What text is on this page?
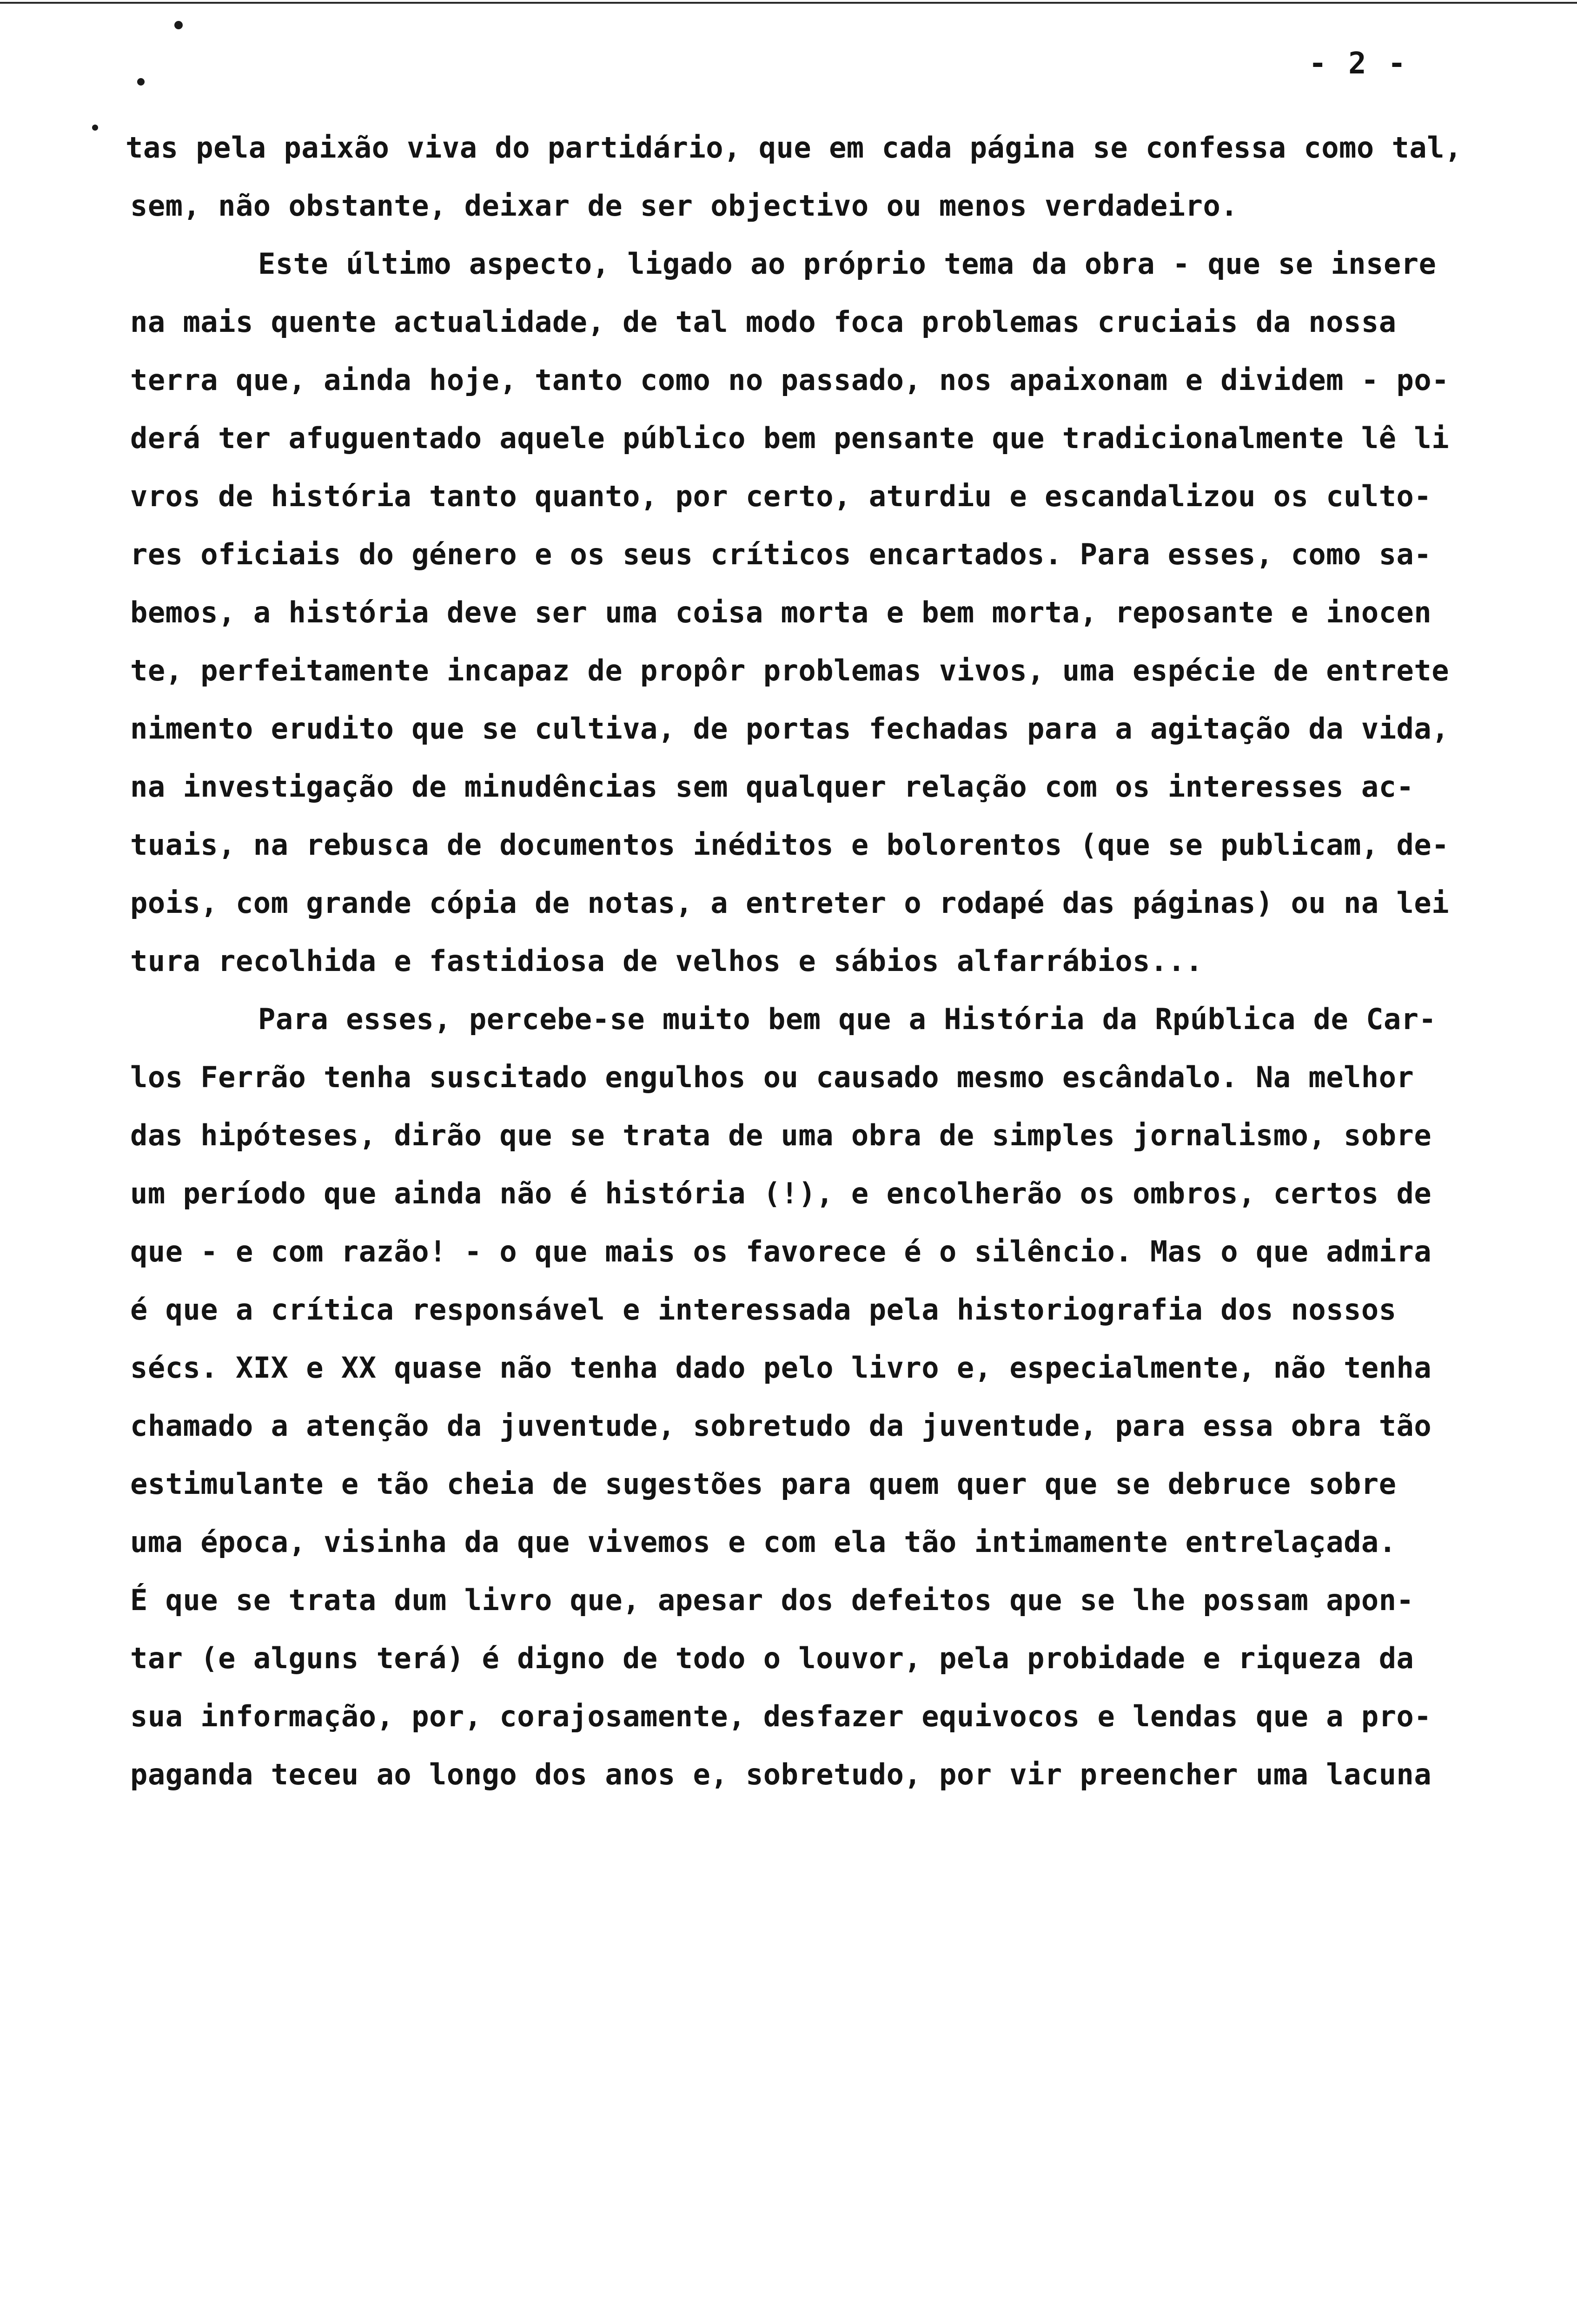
- 2 -
tas pela paixão viva do partidário, que em cada página se confessa como tal,
sem, não obstante, deixar de ser objectivo ou menos verdadeiro.
Este último aspecto, ligado ao próprio tema da obra - que se insere
na mais quente actualidade, de tal modo foca problemas cruciais da nossa
terra que, ainda hoje, tanto como no passado, nos apaixonam e dividem - po-
derá ter afuguentado aquele público bem pensante que tradicionalmente lê li
vros de história tanto quanto, por certo, aturdiu e escandalizou os culto-
res oficiais do género e os seus críticos encartados. Para esses, como sa-
bemos, a história deve ser uma coisa morta e bem morta, reposante e inocen
te, perfeitamente incapaz de propôr problemas vivos, uma espécie de entrete
nimento erudito que se cultiva, de portas fechadas para a agitação da vida,
na investigação de minudências sem qualquer relação com os interesses ac-
tuais, na rebusca de documentos inéditos e bolorentos (que se publicam, de-
pois, com grande cópia de notas, a entreter o rodapé das páginas) ou na lei
tura recolhida e fastidiosa de velhos e sábios alfarrábios...
Para esses, percebe-se muito bem que a História da Rpública de Car-
los Ferrão tenha suscitado engulhos ou causado mesmo escândalo. Na melhor
das hipóteses, dirão que se trata de uma obra de simples jornalismo, sobre
um período que ainda não é história (!), e encolherão os ombros, certos de
que - e com razão! - o que mais os favorece é o silêncio. Mas o que admira
é que a crítica responsável e interessada pela historiografia dos nossos
sécs. XIX e XX quase não tenha dado pelo livro e, especialmente, não tenha
chamado a atenção da juventude, sobretudo da juventude, para essa obra tão
estimulante e tão cheia de sugestões para quem quer que se debruce sobre
uma época, visinha da que vivemos e com ela tão intimamente entrelaçada.
É que se trata dum livro que, apesar dos defeitos que se lhe possam apon-
tar (e alguns terá) é digno de todo o louvor, pela probidade e riqueza da
sua informação, por, corajosamente, desfazer equivocos e lendas que a pro-
paganda teceu ao longo dos anos e, sobretudo, por vir preencher uma lacuna
